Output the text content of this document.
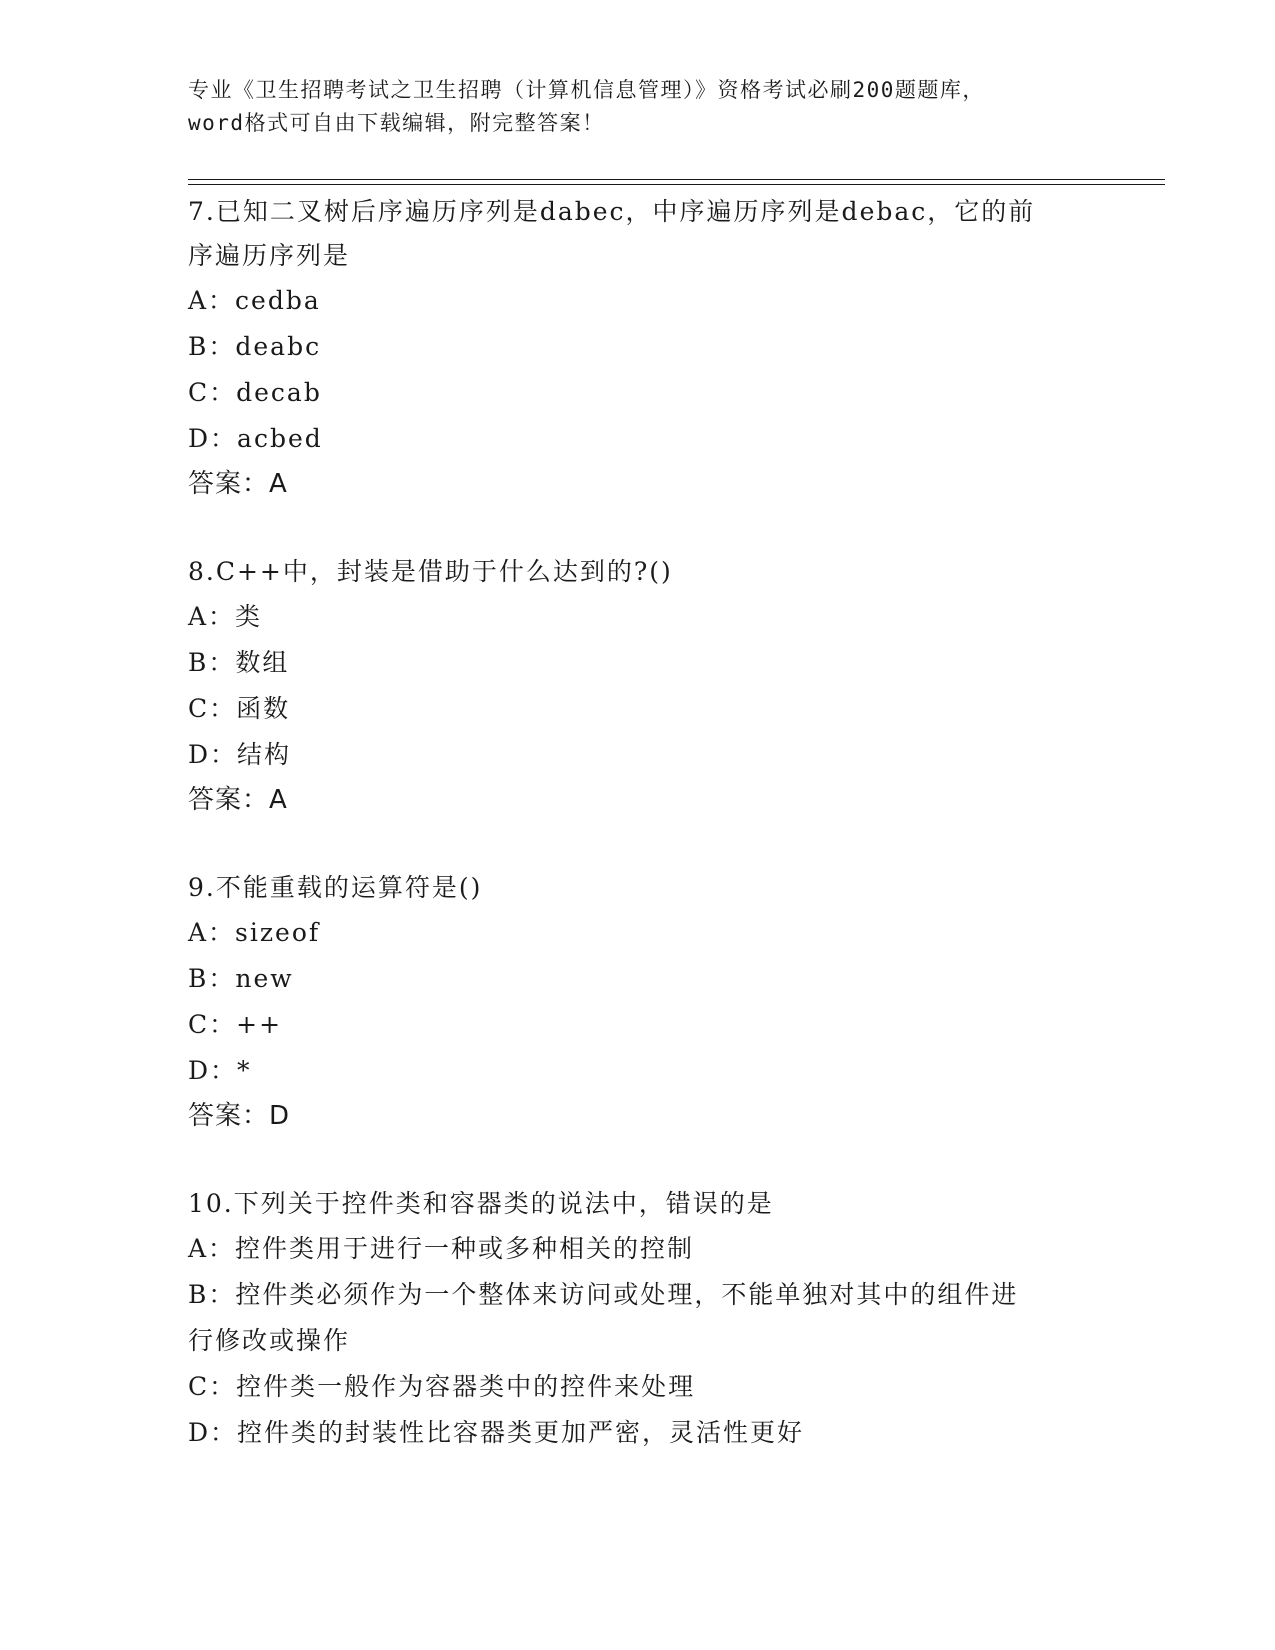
专业《卫生招聘考试之卫生招聘（计算机信息管理）》资格考试必刷200题题库，
word格式可自由下载编辑，附完整答案！
7.已知二叉树后序遍历序列是dabec，中序遍历序列是debac，它的前
序遍历序列是
A：cedba
B：deabc
C：decab
D：acbed
答案：A
8.C++中，封装是借助于什么达到的?()
A：类
B：数组
C：函数
D：结构
答案：A
9.不能重载的运算符是()
A：sizeof
B：new
C：++
D：*
答案：D
10.下列关于控件类和容器类的说法中，错误的是
A：控件类用于进行一种或多种相关的控制
B：控件类必须作为一个整体来访问或处理，不能单独对其中的组件进
行修改或操作
C：控件类一般作为容器类中的控件来处理
D：控件类的封装性比容器类更加严密，灵活性更好
